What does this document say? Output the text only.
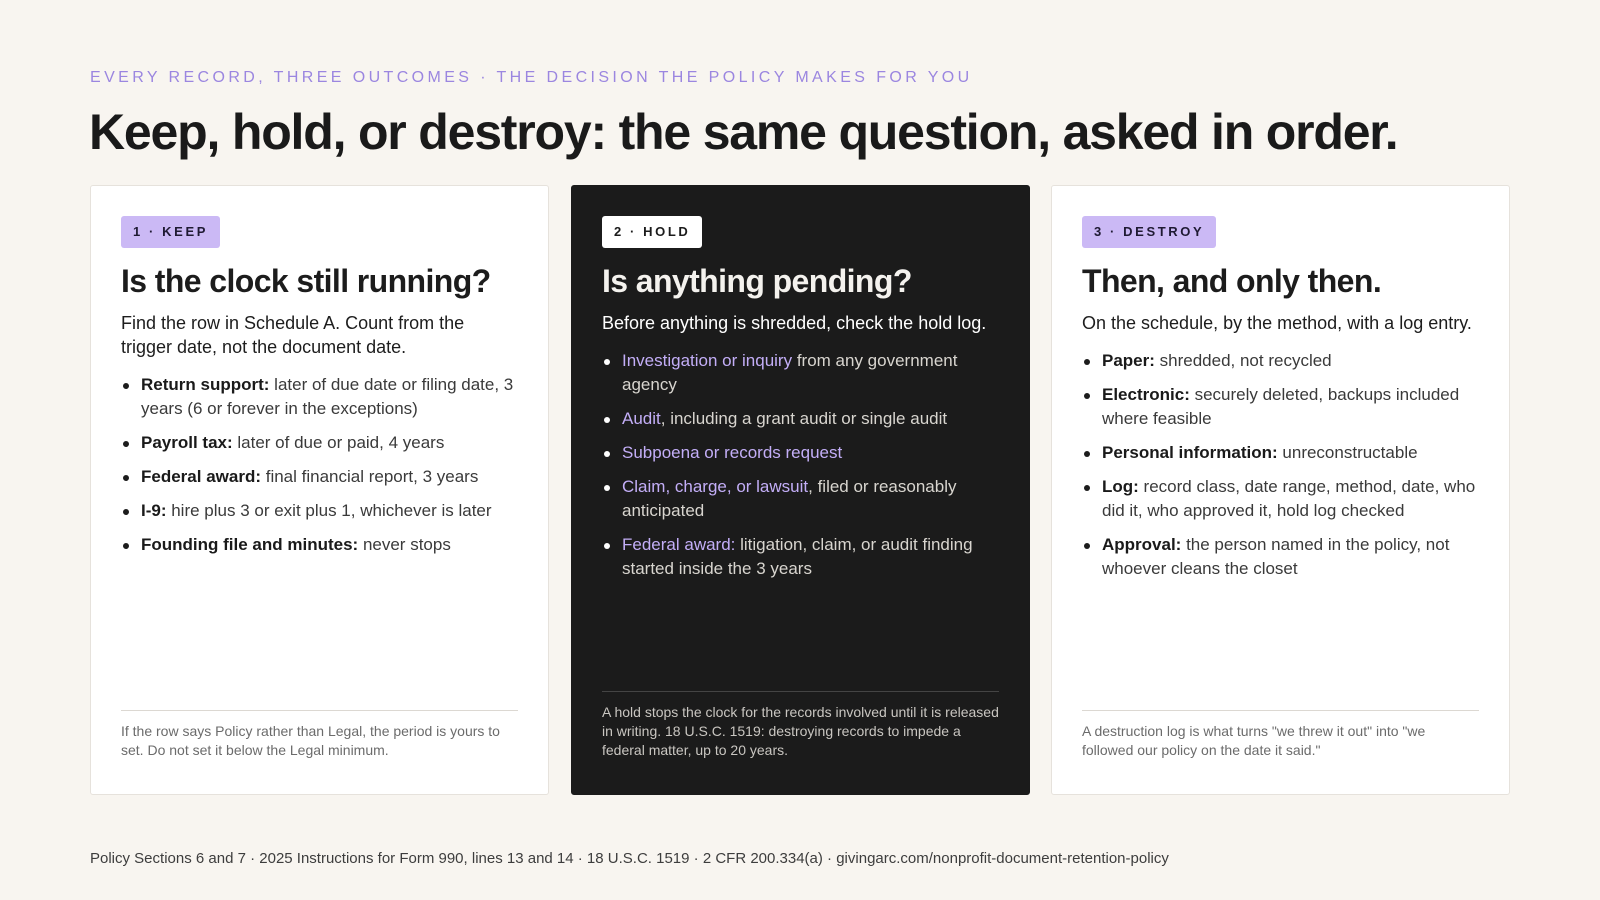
EVERY RECORD, THREE OUTCOMES · THE DECISION THE POLICY MAKES FOR YOU
Keep, hold, or destroy: the same question, asked in order.
1 · KEEP
Is the clock still running?

Find the row in Schedule A. Count from the trigger date, not the document date.

Return support: later of due date or filing date, 3 years (6 or forever in the exceptions)
Payroll tax: later of due or paid, 4 years
Federal award: final financial report, 3 years
I-9: hire plus 3 or exit plus 1, whichever is later
Founding file and minutes: never stops

If the row says Policy rather than Legal, the period is yours to set. Do not set it below the Legal minimum.

2 · HOLD
Is anything pending?

Before anything is shredded, check the hold log.

Investigation or inquiry from any government agency
Audit, including a grant audit or single audit
Subpoena or records request
Claim, charge, or lawsuit, filed or reasonably anticipated
Federal award: litigation, claim, or audit finding started inside the 3 years

A hold stops the clock for the records involved until it is released in writing. 18 U.S.C. 1519: destroying records to impede a federal matter, up to 20 years.

3 · DESTROY
Then, and only then.

On the schedule, by the method, with a log entry.

Paper: shredded, not recycled
Electronic: securely deleted, backups included where feasible
Personal information: unreconstructable
Log: record class, date range, method, date, who did it, who approved it, hold log checked
Approval: the person named in the policy, not whoever cleans the closet

A destruction log is what turns "we threw it out" into "we followed our policy on the date it said."

Policy Sections 6 and 7 · 2025 Instructions for Form 990, lines 13 and 14 · 18 U.S.C. 1519 · 2 CFR 200.334(a) · givingarc.com/nonprofit-document-retention-policy
